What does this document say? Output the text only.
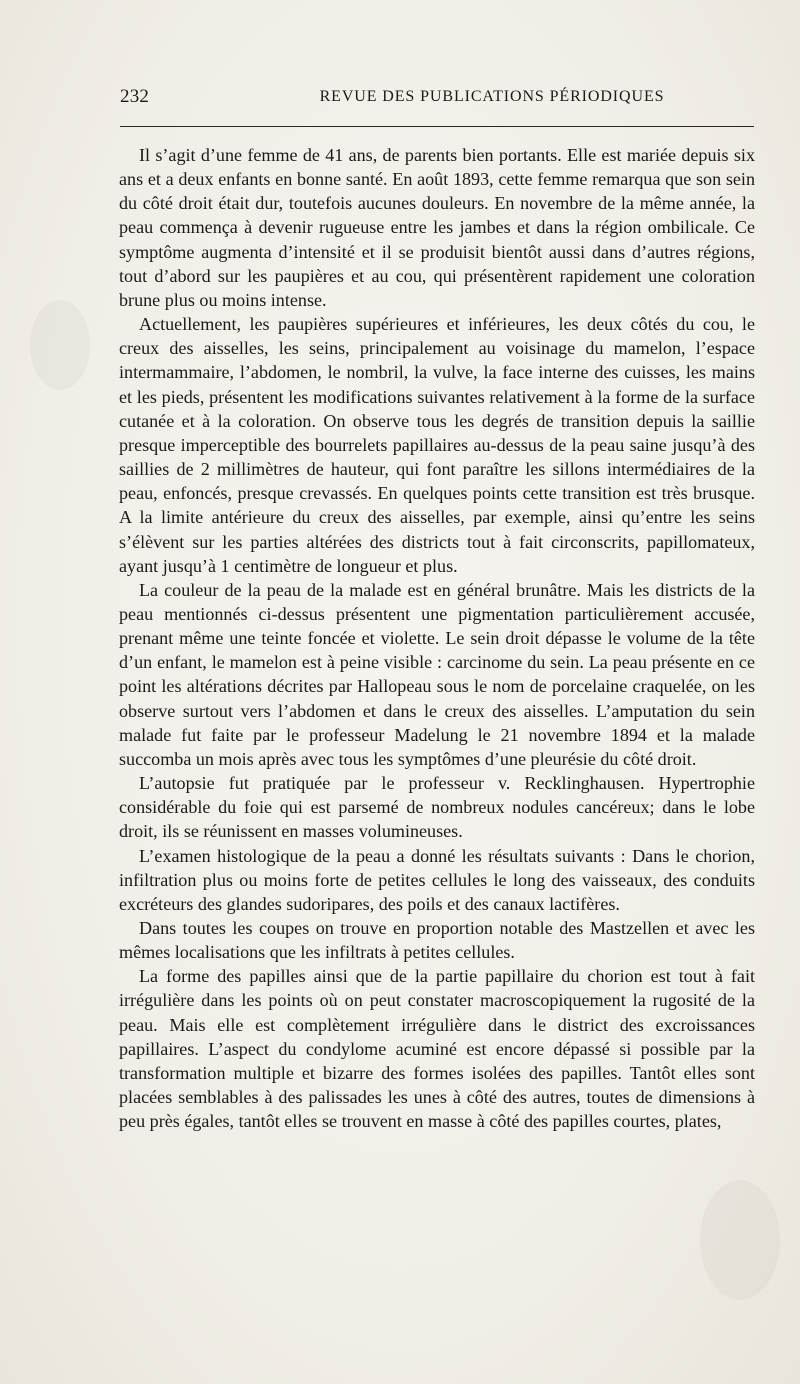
232	REVUE DES PUBLICATIONS PÉRIODIQUES

Il s’agit d’une femme de 41 ans, de parents bien portants. Elle est mariée depuis six ans et a deux enfants en bonne santé. En août 1893, cette femme remarqua que son sein du côté droit était dur, toutefois aucunes douleurs. En novembre de la même année, la peau commença à devenir rugueuse entre les jambes et dans la région ombilicale. Ce symptôme augmenta d’intensité et il se produisit bientôt aussi dans d’autres régions, tout d’abord sur les paupières et au cou, qui présentèrent rapidement une coloration brune plus ou moins intense.

Actuellement, les paupières supérieures et inférieures, les deux côtés du cou, le creux des aisselles, les seins, principalement au voisinage du mamelon, l’espace intermammaire, l’abdomen, le nombril, la vulve, la face interne des cuisses, les mains et les pieds, présentent les modifications suivantes relativement à la forme de la surface cutanée et à la coloration. On observe tous les degrés de transition depuis la saillie presque imperceptible des bourrelets papillaires au-dessus de la peau saine jusqu’à des saillies de 2 millimètres de hauteur, qui font paraître les sillons intermédiaires de la peau, enfoncés, presque crevassés. En quelques points cette transition est très brusque. A la limite antérieure du creux des aisselles, par exemple, ainsi qu’entre les seins s’élèvent sur les parties altérées des districts tout à fait circonscrits, papillomateux, ayant jusqu’à 1 centimètre de longueur et plus.

La couleur de la peau de la malade est en général brunâtre. Mais les districts de la peau mentionnés ci-dessus présentent une pigmentation particulièrement accusée, prenant même une teinte foncée et violette. Le sein droit dépasse le volume de la tête d’un enfant, le mamelon est à peine visible : carcinome du sein. La peau présente en ce point les altérations décrites par Hallopeau sous le nom de porcelaine craquelée, on les observe surtout vers l’abdomen et dans le creux des aisselles. L’amputation du sein malade fut faite par le professeur Madelung le 21 novembre 1894 et la malade succomba un mois après avec tous les symptômes d’une pleurésie du côté droit.

L’autopsie fut pratiquée par le professeur v. Recklinghausen. Hypertrophie considérable du foie qui est parsemé de nombreux nodules cancéreux; dans le lobe droit, ils se réunissent en masses volumineuses.

L’examen histologique de la peau a donné les résultats suivants : Dans le chorion, infiltration plus ou moins forte de petites cellules le long des vaisseaux, des conduits excréteurs des glandes sudoripares, des poils et des canaux lactifères.

Dans toutes les coupes on trouve en proportion notable des Mastzellen et avec les mêmes localisations que les infiltrats à petites cellules.

La forme des papilles ainsi que de la partie papillaire du chorion est tout à fait irrégulière dans les points où on peut constater macroscopiquement la rugosité de la peau. Mais elle est complètement irrégulière dans le district des excroissances papillaires. L’aspect du condylome acuminé est encore dépassé si possible par la transformation multiple et bizarre des formes isolées des papilles. Tantôt elles sont placées semblables à des palissades les unes à côté des autres, toutes de dimensions à peu près égales, tantôt elles se trouvent en masse à côté des papilles courtes, plates,
